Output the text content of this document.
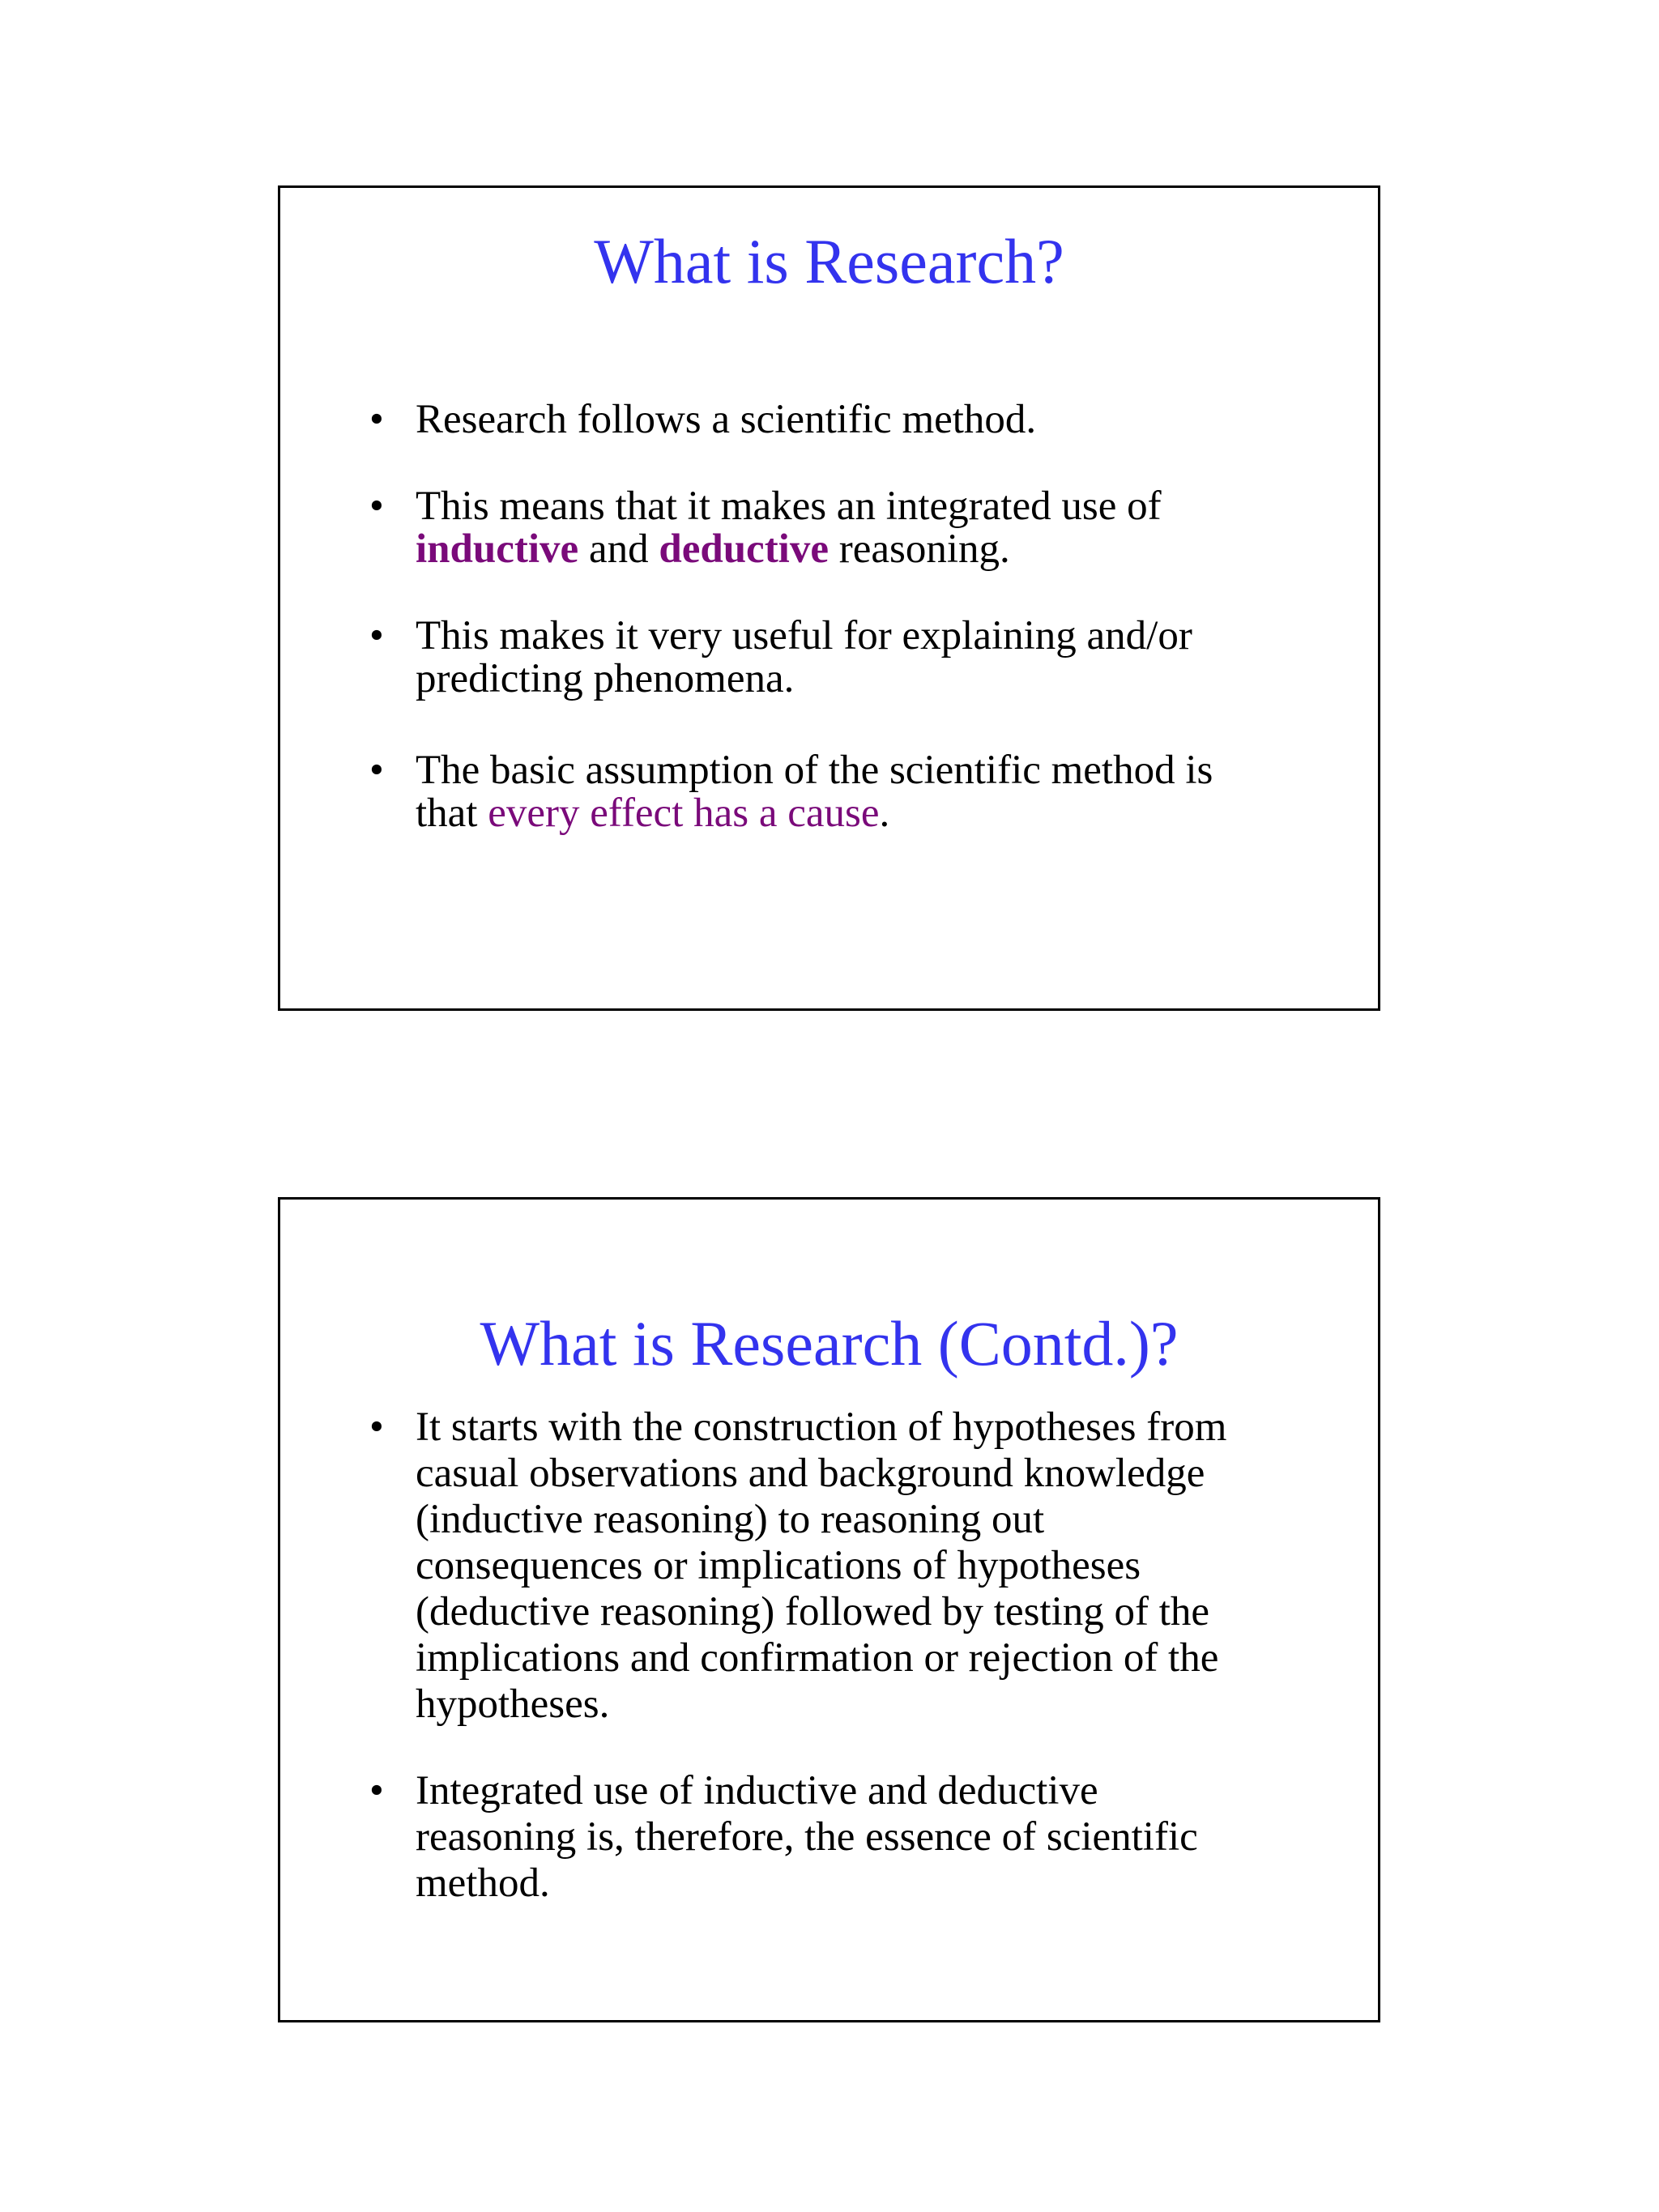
What is Research?
• Research follows a scientific method.
• This means that it makes an integrated use of
inductive and deductive reasoning.
• This makes it very useful for explaining and/or
predicting phenomena.
• The basic assumption of the scientific method is
that every effect has a cause.
What is Research (Contd.)?
• It starts with the construction of hypotheses from
casual observations and background knowledge
(inductive reasoning) to reasoning out
consequences or implications of hypotheses
(deductive reasoning) followed by testing of the
implications and confirmation or rejection of the
hypotheses.
• Integrated use of inductive and deductive
reasoning is, therefore, the essence of scientific
method.
